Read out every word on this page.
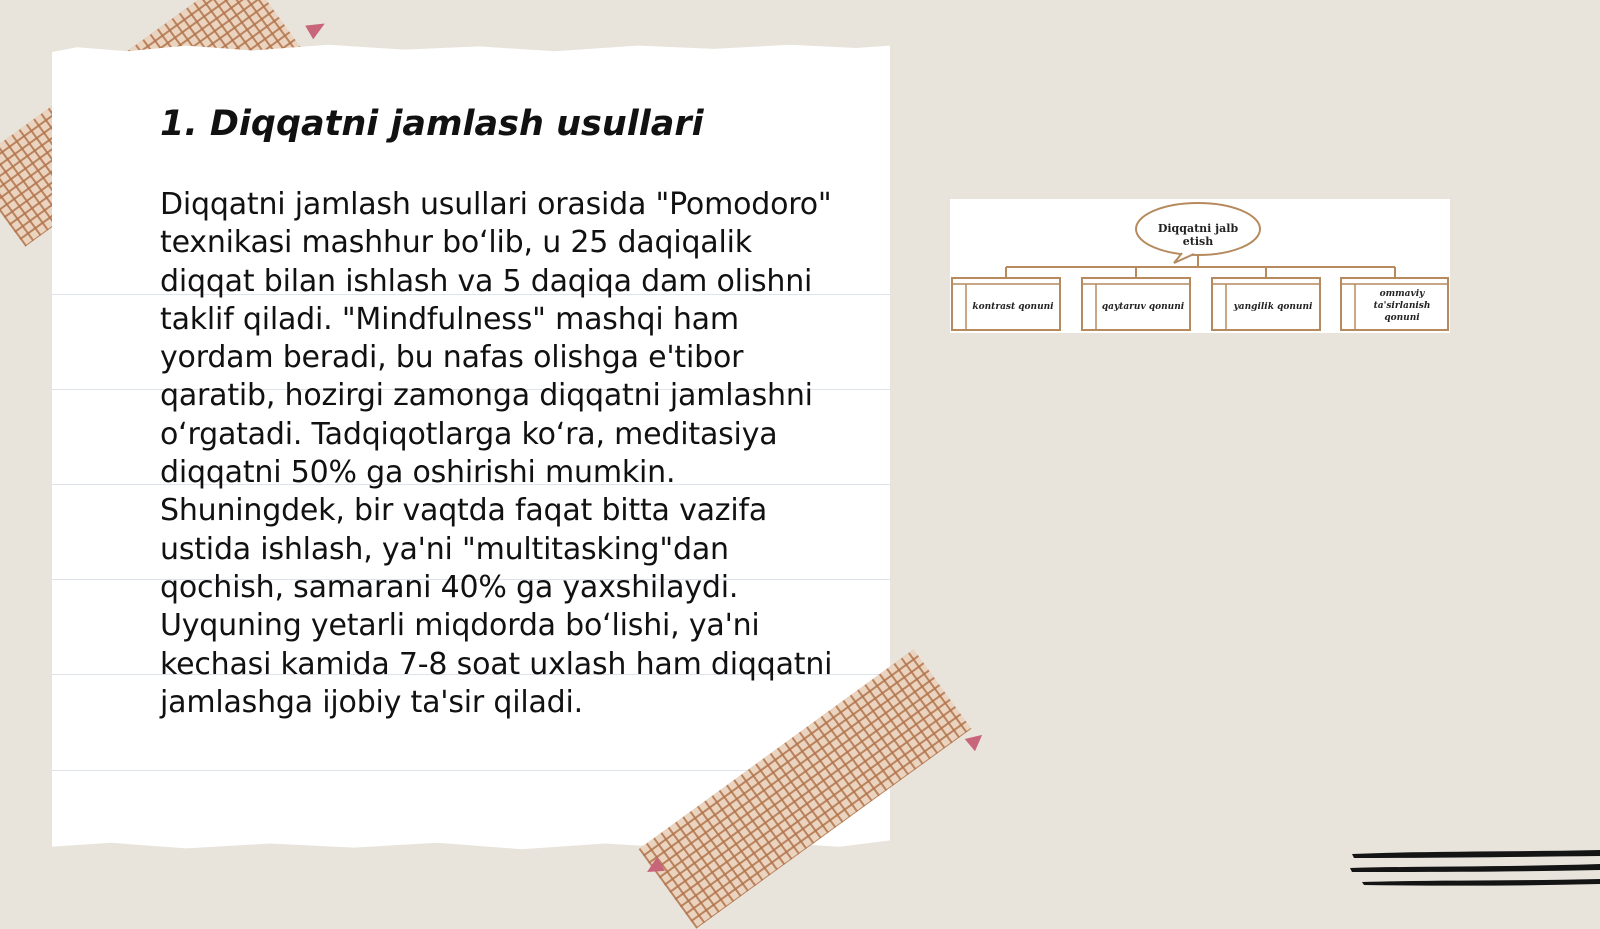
1. Diqqatni jamlash usullari

Diqqatni jamlash usullari orasida "Pomodoro" texnikasi mashhur bo‘lib, u 25 daqiqalik diqqat bilan ishlash va 5 daqiqa dam olishni taklif qiladi. "Mindfulness" mashqi ham yordam beradi, bu nafas olishga e'tibor qaratib, hozirgi zamonga diqqatni jamlashni o‘rgatadi. Tadqiqotlarga ko‘ra, meditasiya diqqatni 50% ga oshirishi mumkin. Shuningdek, bir vaqtda faqat bitta vazifa ustida ishlash, ya'ni "multitasking"dan qochish, samarani 40% ga yaxshilaydi. Uyquning yetarli miqdorda bo‘lishi, ya'ni kechasi kamida 7-8 soat uxlash ham diqqatni jamlashga ijobiy ta'sir qiladi.

Diqqatni jalb
etish
kontrast qonuni	qaytaruv qonuni	yangilik qonuni
ommaviy
ta'sirlanish
qonuni
